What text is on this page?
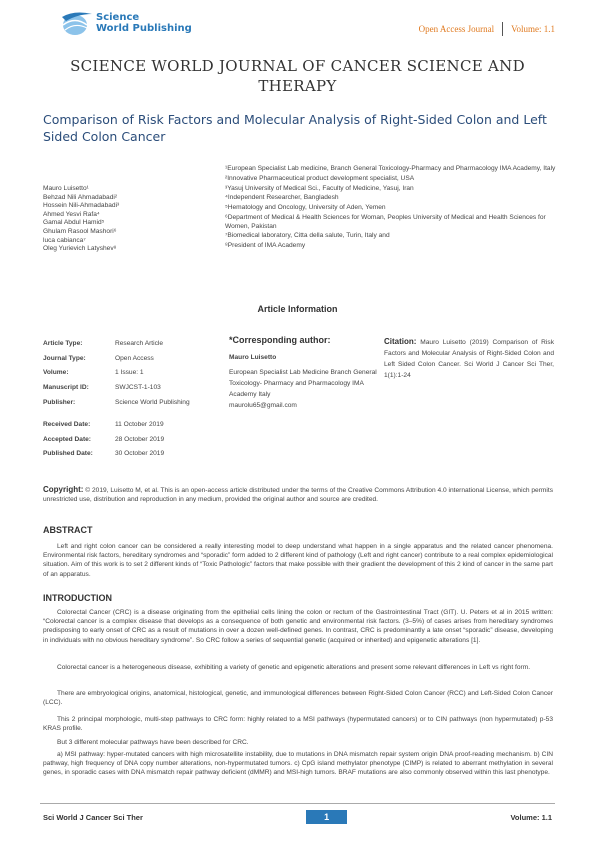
Science
World Publishing	Open Access Journal Volume: 1.1
SCIENCE WORLD JOURNAL OF CANCER SCIENCE AND THERAPY
Comparison of Risk Factors and Molecular Analysis of Right-Sided Colon and Left Sided Colon Cancer
Mauro Luisetto¹
Behzad Nili Ahmadabadi²
Hossein Nili-Ahmadabadi³
Ahmed Yesvi Rafa⁴
Gamal Abdul Hamid⁵
Ghulam Rasool Mashori⁶
luca cabianca⁷
Oleg Yurievich Latyshev⁸
¹European Specialist Lab medicine, Branch General Toxicology-Pharmacy and Pharmacology IMA Academy, Italy
²Innovative Pharmaceutical product development specialist, USA
³Yasuj University of Medical Sci., Faculty of Medicine, Yasuj, Iran
⁴Independent Researcher, Bangladesh
⁵Hematology and Oncology, University of Aden, Yemen
⁶Department of Medical & Health Sciences for Woman, Peoples University of Medical and Health Sciences for Women, Pakistan
⁷Biomedical laboratory, Citta della salute, Turin, Italy and
⁸President of IMA Academy
Article Information
Article Type:	Research Article
Journal Type:	Open Access
Volume:	1 Issue: 1
Manuscript ID:	SWJCST-1-103
Publisher:	Science World Publishing
Received Date:	11 October 2019
Accepted Date:	28 October 2019
Published Date:	30 October 2019
*Corresponding author:
Mauro Luisetto
European Specialist Lab Medicine Branch General Toxicology- Pharmacy and Pharmacology IMA Academy Italy
maurolu65@gmail.com
Citation: Mauro Luisetto (2019) Comparison of Risk Factors and Molecular Analysis of Right-Sided Colon and Left Sided Colon Cancer. Sci World J Cancer Sci Ther, 1(1):1-24
Copyright: © 2019, Luisetto M, et al. This is an open-access article distributed under the terms of the Creative Commons Attribution 4.0 international License, which permits unrestricted use, distribution and reproduction in any medium, provided the original author and source are credited.
ABSTRACT
Left and right colon cancer can be considered a really interesting model to deep understand what happen in a single apparatus and the related cancer phenomena. Environmental risk factors, hereditary syndromes and “sporadic” form added to 2 different kind of pathology (Left and right cancer) contribute to a real complex epidemiological situation. Aim of this work is to set 2 different kinds of “Toxic Pathologic” factors that make possible with their gradient the development of this 2 kind of cancer in the same part of an apparatus.
INTRODUCTION
Colorectal Cancer (CRC) is a disease originating from the epithelial cells lining the colon or rectum of the Gastrointestinal Tract (GIT). U. Peters et al in 2015 written: “Colorectal cancer is a complex disease that develops as a consequence of both genetic and environmental risk factors. (3–5%) of cases arises from hereditary syndromes predisposing to early onset of CRC as a result of mutations in over a dozen well-defined genes. In contrast, CRC is predominantly a late onset “sporadic” disease, developing in individuals with no obvious hereditary syndrome”. So CRC follow a series of sequential genetic (acquired or inherited) and epigenetic alterations [1].
Colorectal cancer is a heterogeneous disease, exhibiting a variety of genetic and epigenetic alterations and present some relevant differences in Left vs right form.
There are embryological origins, anatomical, histological, genetic, and immunological differences between Right-Sided Colon Cancer (RCC) and Left-Sided Colon Cancer (LCC).
This 2 principal morphologic, multi-step pathways to CRC form: highly related to a MSI pathways (hypermutated cancers) or to CIN pathways (non hypermutated) p-53 KRAS profile.
But 3 different molecular pathways have been described for CRC.
a) MSI pathway: hyper-mutated cancers with high microsatellite instability, due to mutations in DNA mismatch repair system origin DNA proof-reading mechanism. b) CIN pathway, high frequency of DNA copy number alterations, non-hypermutated tumors. c) CpG island methylator phenotype (CIMP) is related to aberrant methylation in several genes, in sporadic cases with DNA mismatch repair pathway deficient (dMMR) and MSI-high tumors. BRAF mutations are also commonly observed within this last phenotype.
Sci World J Cancer Sci Ther	1	Volume: 1.1
